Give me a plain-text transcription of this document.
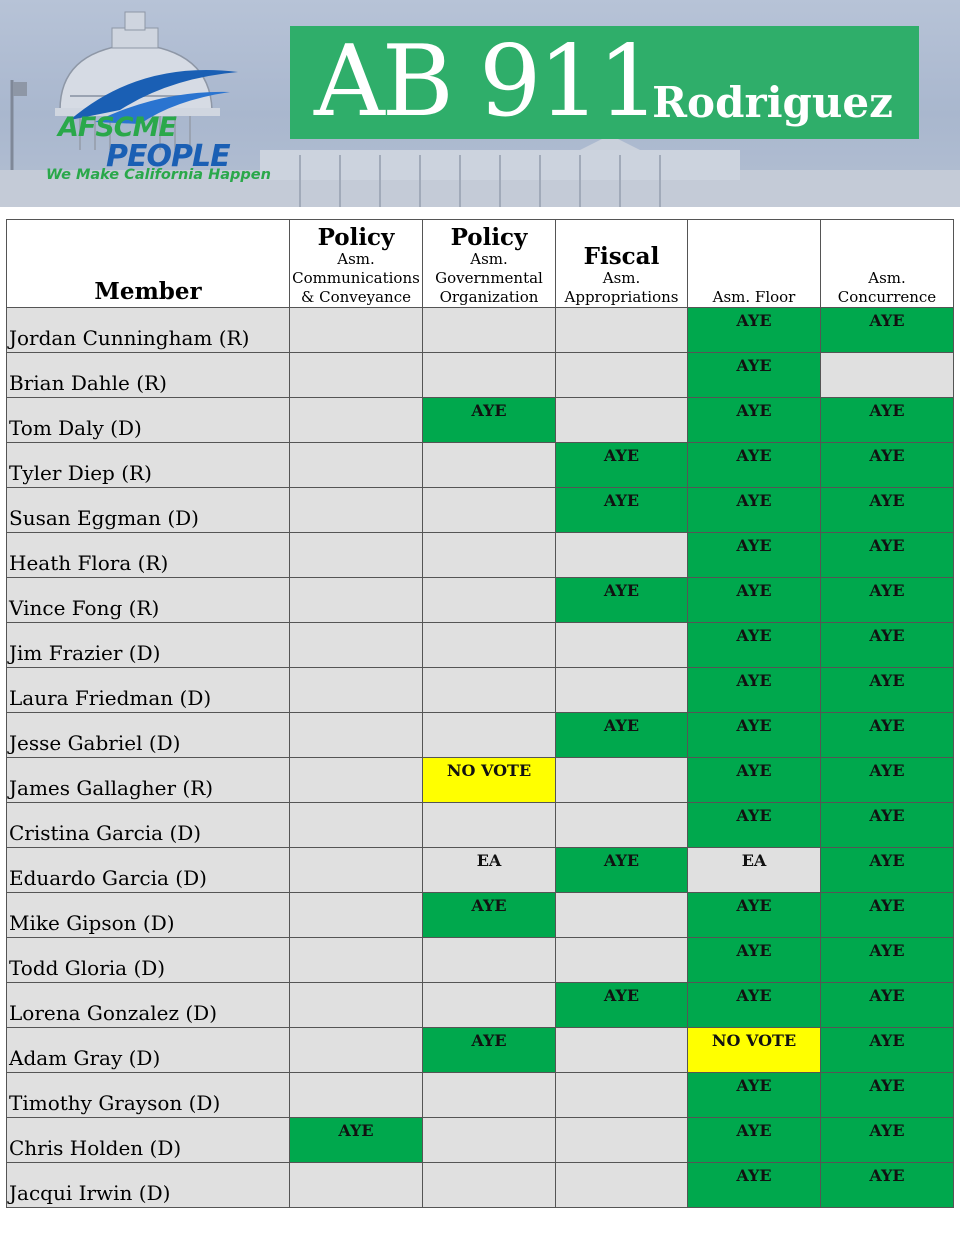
AFSCME
PEOPLE
We Make California Happen
AB 911
Rodriguez
Member	Policy
Asm.
Communications
& Conveyance	Policy
Asm.
Governmental
Organization	Fiscal
Asm.
Appropriations	Asm. Floor	Asm.
Concurrence

Jordan Cunningham (R)				AYE	AYE
Brian Dahle (R)				AYE	
Tom Daly (D)		AYE		AYE	AYE
Tyler Diep (R)			AYE	AYE	AYE
Susan Eggman (D)			AYE	AYE	AYE
Heath Flora (R)				AYE	AYE
Vince Fong (R)			AYE	AYE	AYE
Jim Frazier (D)				AYE	AYE
Laura Friedman (D)				AYE	AYE
Jesse Gabriel (D)			AYE	AYE	AYE
James Gallagher (R)		NO VOTE		AYE	AYE
Cristina Garcia (D)				AYE	AYE
Eduardo Garcia (D)		EA	AYE	EA	AYE
Mike Gipson (D)		AYE		AYE	AYE
Todd Gloria (D)				AYE	AYE
Lorena Gonzalez (D)			AYE	AYE	AYE
Adam Gray (D)		AYE		NO VOTE	AYE
Timothy Grayson (D)				AYE	AYE
Chris Holden (D)	AYE			AYE	AYE
Jacqui Irwin (D)				AYE	AYE
